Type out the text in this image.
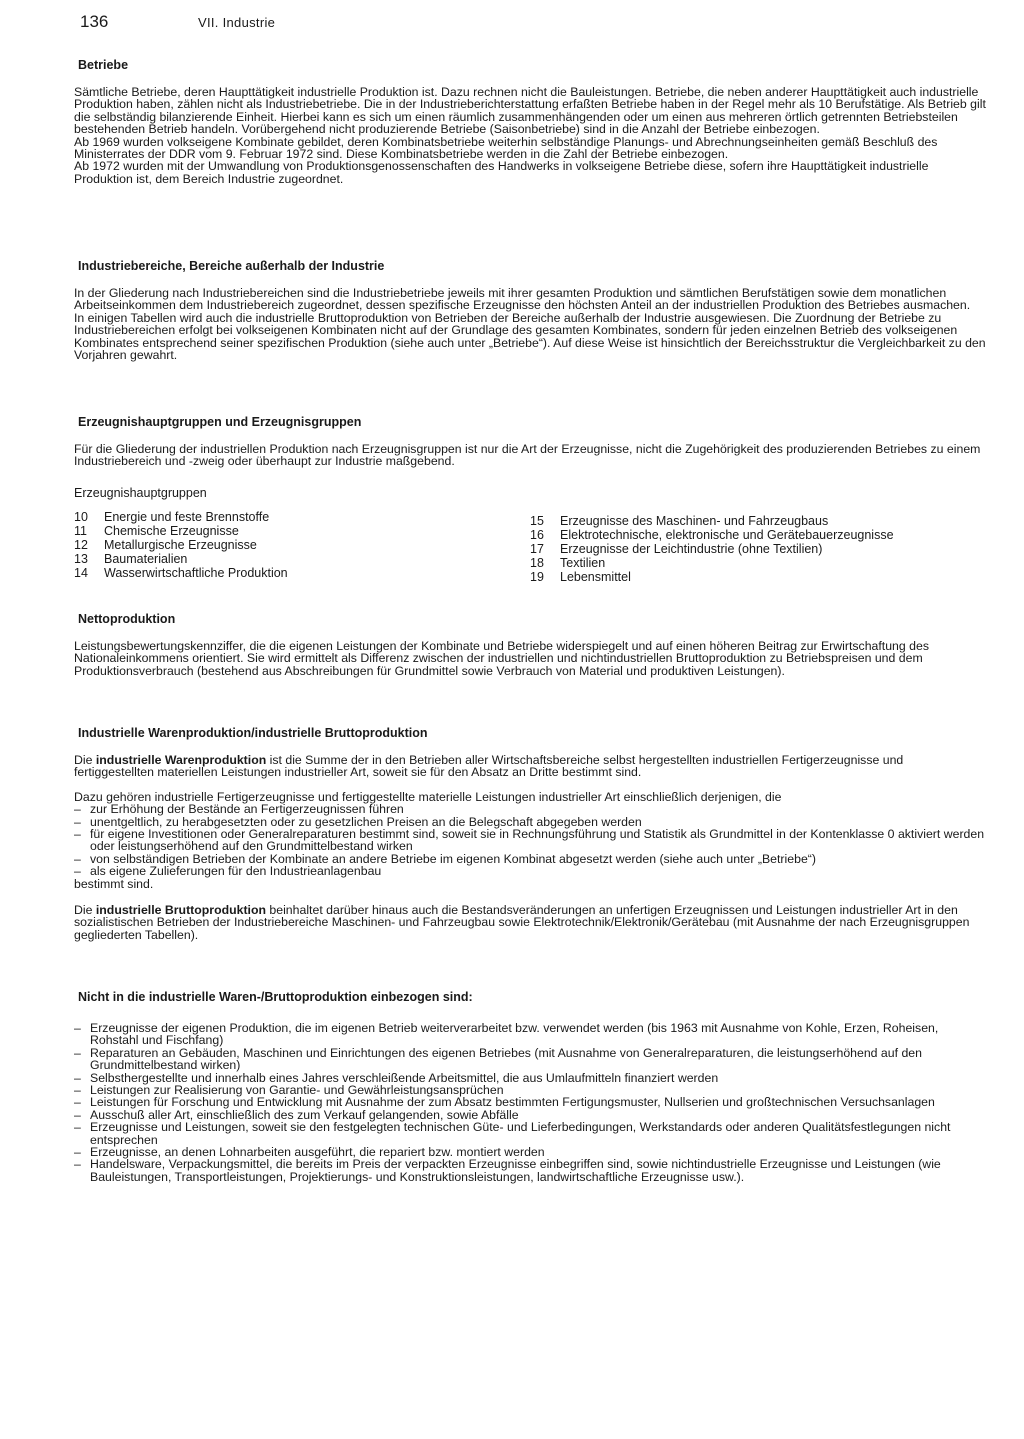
136	VII. Industrie
Betriebe

Sämtliche Betriebe, deren Haupttätigkeit industrielle Produktion ist. Dazu rechnen nicht die Bauleistungen. Betriebe, die neben anderer Haupttätigkeit auch industrielle Produktion haben, zählen nicht als Industriebetriebe. Die in der Industrieberichterstattung erfaßten Betriebe haben in der Regel mehr als 10 Berufstätige. Als Betrieb gilt die selbständig bilanzierende Einheit. Hierbei kann es sich um einen räumlich zusammenhängenden oder um einen aus mehreren örtlich getrennten Betriebsteilen bestehenden Betrieb handeln. Vorübergehend nicht produzierende Betriebe (Saisonbetriebe) sind in die Anzahl der Betriebe einbezogen.

Ab 1969 wurden volkseigene Kombinate gebildet, deren Kombinatsbetriebe weiterhin selbständige Planungs- und Abrechnungseinheiten gemäß Beschluß des Ministerrates der DDR vom 9. Februar 1972 sind. Diese Kombinatsbetriebe werden in die Zahl der Betriebe einbezogen.

Ab 1972 wurden mit der Umwandlung von Produktionsgenossenschaften des Handwerks in volkseigene Betriebe diese, sofern ihre Haupttätigkeit industrielle Produktion ist, dem Bereich Industrie zugeordnet.

Industriebereiche, Bereiche außerhalb der Industrie

In der Gliederung nach Industriebereichen sind die Industriebetriebe jeweils mit ihrer gesamten Produktion und sämtlichen Berufstätigen sowie dem monatlichen Arbeitseinkommen dem Industriebereich zugeordnet, dessen spezifische Erzeugnisse den höchsten Anteil an der industriellen Produktion des Betriebes ausmachen.

In einigen Tabellen wird auch die industrielle Bruttoproduktion von Betrieben der Bereiche außerhalb der Industrie ausgewiesen. Die Zuordnung der Betriebe zu Industriebereichen erfolgt bei volkseigenen Kombinaten nicht auf der Grundlage des gesamten Kombinates, sondern für jeden einzelnen Betrieb des volkseigenen Kombinates entsprechend seiner spezifischen Produktion (siehe auch unter „Betriebe“). Auf diese Weise ist hinsichtlich der Bereichsstruktur die Vergleichbarkeit zu den Vorjahren gewahrt.

Erzeugnishauptgruppen und Erzeugnisgruppen

Für die Gliederung der industriellen Produktion nach Erzeugnisgruppen ist nur die Art der Erzeugnisse, nicht die Zugehörigkeit des produzierenden Betriebes zu einem Industriebereich und -zweig oder überhaupt zur Industrie maßgebend.

Erzeugnishauptgruppen
10	Energie und feste Brennstoffe
11	Chemische Erzeugnisse
12	Metallurgische Erzeugnisse
13	Baumaterialien
14	Wasserwirtschaftliche Produktion
15	Erzeugnisse des Maschinen- und Fahrzeugbaus
16	Elektrotechnische, elektronische und Gerätebauerzeugnisse
17	Erzeugnisse der Leichtindustrie (ohne Textilien)
18	Textilien
19	Lebensmittel
Nettoproduktion

Leistungsbewertungskennziffer, die die eigenen Leistungen der Kombinate und Betriebe widerspiegelt und auf einen höheren Beitrag zur Erwirtschaftung des Nationaleinkommens orientiert. Sie wird ermittelt als Differenz zwischen der industriellen und nichtindustriellen Bruttoproduktion zu Betriebspreisen und dem Produktionsverbrauch (bestehend aus Abschreibungen für Grundmittel sowie Verbrauch von Material und produktiven Leistungen).

Industrielle Warenproduktion/industrielle Bruttoproduktion

Die industrielle Warenproduktion ist die Summe der in den Betrieben aller Wirtschaftsbereiche selbst hergestellten industriellen Fertigerzeugnisse und fertiggestellten materiellen Leistungen industrieller Art, soweit sie für den Absatz an Dritte bestimmt sind.

Dazu gehören industrielle Fertigerzeugnisse und fertiggestellte materielle Leistungen industrieller Art einschließlich derjenigen, die

– zur Erhöhung der Bestände an Fertigerzeugnissen führen
– unentgeltlich, zu herabgesetzten oder zu gesetzlichen Preisen an die Belegschaft abgegeben werden
– für eigene Investitionen oder Generalreparaturen bestimmt sind, soweit sie in Rechnungsführung und Statistik als Grundmittel in der Kontenklasse 0 aktiviert werden oder leistungserhöhend auf den Grundmittelbestand wirken
– von selbständigen Betrieben der Kombinate an andere Betriebe im eigenen Kombinat abgesetzt werden (siehe auch unter „Betriebe“)
– als eigene Zulieferungen für den Industrieanlagenbau

bestimmt sind.

Die industrielle Bruttoproduktion beinhaltet darüber hinaus auch die Bestandsveränderungen an unfertigen Erzeugnissen und Leistungen industrieller Art in den sozialistischen Betrieben der Industriebereiche Maschinen- und Fahrzeugbau sowie Elektrotechnik/Elektronik/Gerätebau (mit Ausnahme der nach Erzeugnisgruppen gegliederten Tabellen).

Nicht in die industrielle Waren-/Bruttoproduktion einbezogen sind:
– Erzeugnisse der eigenen Produktion, die im eigenen Betrieb weiterverarbeitet bzw. verwendet werden (bis 1963 mit Ausnahme von Kohle, Erzen, Roheisen, Rohstahl und Fischfang)
– Reparaturen an Gebäuden, Maschinen und Einrichtungen des eigenen Betriebes (mit Ausnahme von Generalreparaturen, die leistungserhöhend auf den Grundmittelbestand wirken)
– Selbsthergestellte und innerhalb eines Jahres verschleißende Arbeitsmittel, die aus Umlaufmitteln finanziert werden
– Leistungen zur Realisierung von Garantie- und Gewährleistungsansprüchen
– Leistungen für Forschung und Entwicklung mit Ausnahme der zum Absatz bestimmten Fertigungsmuster, Nullserien und großtechnischen Versuchsanlagen
– Ausschuß aller Art, einschließlich des zum Verkauf gelangenden, sowie Abfälle
– Erzeugnisse und Leistungen, soweit sie den festgelegten technischen Güte- und Lieferbedingungen, Werkstandards oder anderen Qualitätsfestlegungen nicht entsprechen
– Erzeugnisse, an denen Lohnarbeiten ausgeführt, die repariert bzw. montiert werden
– Handelsware, Verpackungsmittel, die bereits im Preis der verpackten Erzeugnisse einbegriffen sind, sowie nichtindustrielle Erzeugnisse und Leistungen (wie Bauleistungen, Transportleistungen, Projektierungs- und Konstruktionsleistungen, landwirtschaftliche Erzeugnisse usw.).
